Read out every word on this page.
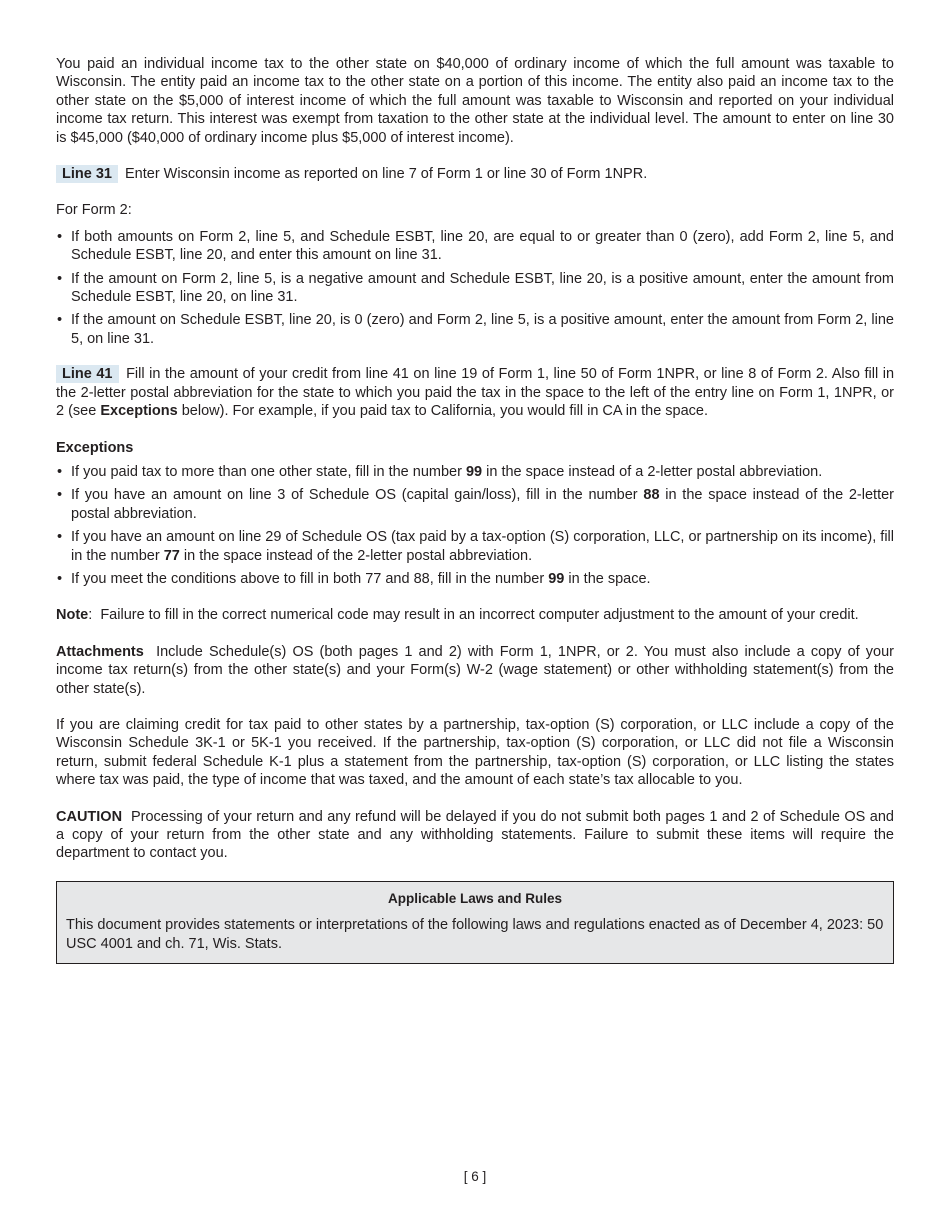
You paid an individual income tax to the other state on $40,000 of ordinary income of which the full amount was taxable to Wisconsin. The entity paid an income tax to the other state on a portion of this income. The entity also paid an income tax to the other state on the $5,000 of interest income of which the full amount was taxable to Wisconsin and reported on your individual income tax return. This interest was exempt from taxation to the other state at the individual level. The amount to enter on line 30 is $45,000 ($40,000 of ordinary income plus $5,000 of interest income).

Line 31 Enter Wisconsin income as reported on line 7 of Form 1 or line 30 of Form 1NPR.

For Form 2:

• If both amounts on Form 2, line 5, and Schedule ESBT, line 20, are equal to or greater than 0 (zero), add Form 2, line 5, and Schedule ESBT, line 20, and enter this amount on line 31.
• If the amount on Form 2, line 5, is a negative amount and Schedule ESBT, line 20, is a positive amount, enter the amount from Schedule ESBT, line 20, on line 31.
• If the amount on Schedule ESBT, line 20, is 0 (zero) and Form 2, line 5, is a positive amount, enter the amount from Form 2, line 5, on line 31.

Line 41 Fill in the amount of your credit from line 41 on line 19 of Form 1, line 50 of Form 1NPR, or line 8 of Form 2. Also fill in the 2-letter postal abbreviation for the state to which you paid the tax in the space to the left of the entry line on Form 1, 1NPR, or 2 (see Exceptions below). For example, if you paid tax to California, you would fill in CA in the space.

Exceptions

• If you paid tax to more than one other state, fill in the number 99 in the space instead of a 2-letter postal abbreviation.
• If you have an amount on line 3 of Schedule OS (capital gain/loss), fill in the number 88 in the space instead of the 2-letter postal abbreviation.
• If you have an amount on line 29 of Schedule OS (tax paid by a tax-option (S) corporation, LLC, or partnership on its income), fill in the number 77 in the space instead of the 2-letter postal abbreviation.
• If you meet the conditions above to fill in both 77 and 88, fill in the number 99 in the space.

Note:  Failure to fill in the correct numerical code may result in an incorrect computer adjustment to the amount of your credit.

Attachments Include Schedule(s) OS (both pages 1 and 2) with Form 1, 1NPR, or 2. You must also include a copy of your income tax return(s) from the other state(s) and your Form(s) W-2 (wage statement) or other withholding statement(s) from the other state(s).

If you are claiming credit for tax paid to other states by a partnership, tax-option (S) corporation, or LLC include a copy of the Wisconsin Schedule 3K-1 or 5K-1 you received. If the partnership, tax-option (S) corporation, or LLC did not file a Wisconsin return, submit federal Schedule K-1 plus a statement from the partnership, tax-option (S) corporation, or LLC listing the states where tax was paid, the type of income that was taxed, and the amount of each state’s tax allocable to you.

CAUTION Processing of your return and any refund will be delayed if you do not submit both pages 1 and 2 of Schedule OS and a copy of your return from the other state and any withholding statements. Failure to submit these items will require the department to contact you.

Applicable Laws and Rules

This document provides statements or interpretations of the following laws and regulations enacted as of December 4, 2023: 50 USC 4001 and ch. 71, Wis. Stats.

[ 6 ]
